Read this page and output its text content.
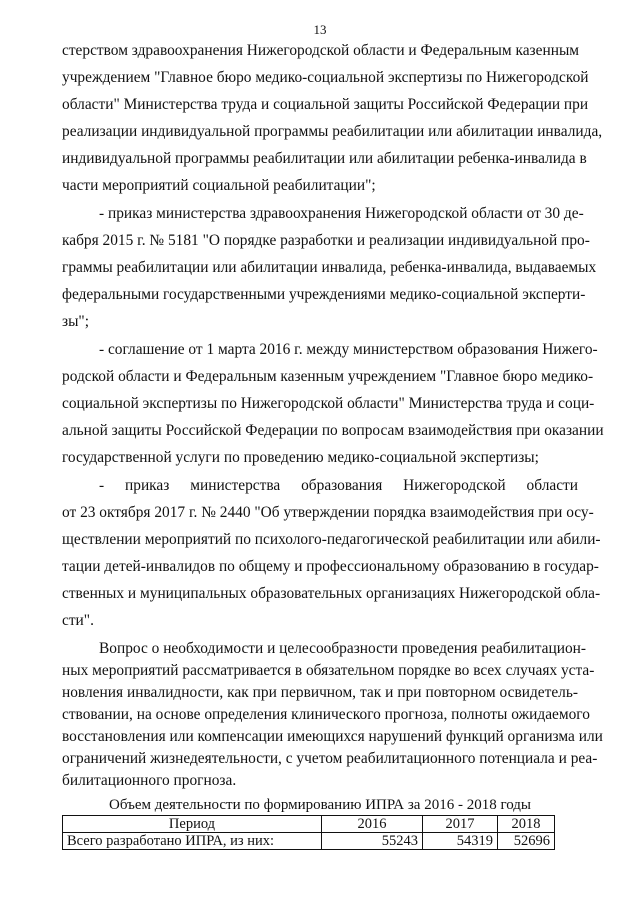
13
стерством здравоохранения Нижегородской области и Федеральным казенным
учреждением "Главное бюро медико-социальной экспертизы по Нижегородской
области" Министерства труда и социальной защиты Российской Федерации при
реализации индивидуальной программы реабилитации или абилитации инвалида,
индивидуальной программы реабилитации или абилитации ребенка-инвалида в
части мероприятий социальной реабилитации";
- приказ министерства здравоохранения Нижегородской области от 30 де-
кабря 2015 г. № 5181 "О порядке разработки и реализации индивидуальной про-
граммы реабилитации или абилитации инвалида, ребенка-инвалида, выдаваемых
федеральными государственными учреждениями медико-социальной эксперти-
зы";
- соглашение от 1 марта 2016 г. между министерством образования Нижего-
родской области и Федеральным казенным учреждением "Главное бюро медико-
социальной экспертизы по Нижегородской области" Министерства труда и соци-
альной защиты Российской Федерации по вопросам взаимодействия при оказании
государственной услуги по проведению медико-социальной экспертизы;
- приказ министерства образования Нижегородской области
от 23 октября 2017 г. № 2440 "Об утверждении порядка взаимодействия при осу-
ществлении мероприятий по психолого-педагогической реабилитации или абили-
тации детей-инвалидов по общему и профессиональному образованию в государ-
ственных и муниципальных образовательных организациях Нижегородской обла-
сти".
Вопрос о необходимости и целесообразности проведения реабилитацион-
ных мероприятий рассматривается в обязательном порядке во всех случаях уста-
новления инвалидности, как при первичном, так и при повторном освидетель-
ствовании, на основе определения клинического прогноза, полноты ожидаемого
восстановления или компенсации имеющихся нарушений функций организма или
ограничений жизнедеятельности, с учетом реабилитационного потенциала и реа-
Объем деятельности по формированию ИПРА за 2016 - 2018 годы
Период	2016	2017	2018
Всего разработано ИПРА, из них:	55243	54319	52696
билитационного прогноза.
